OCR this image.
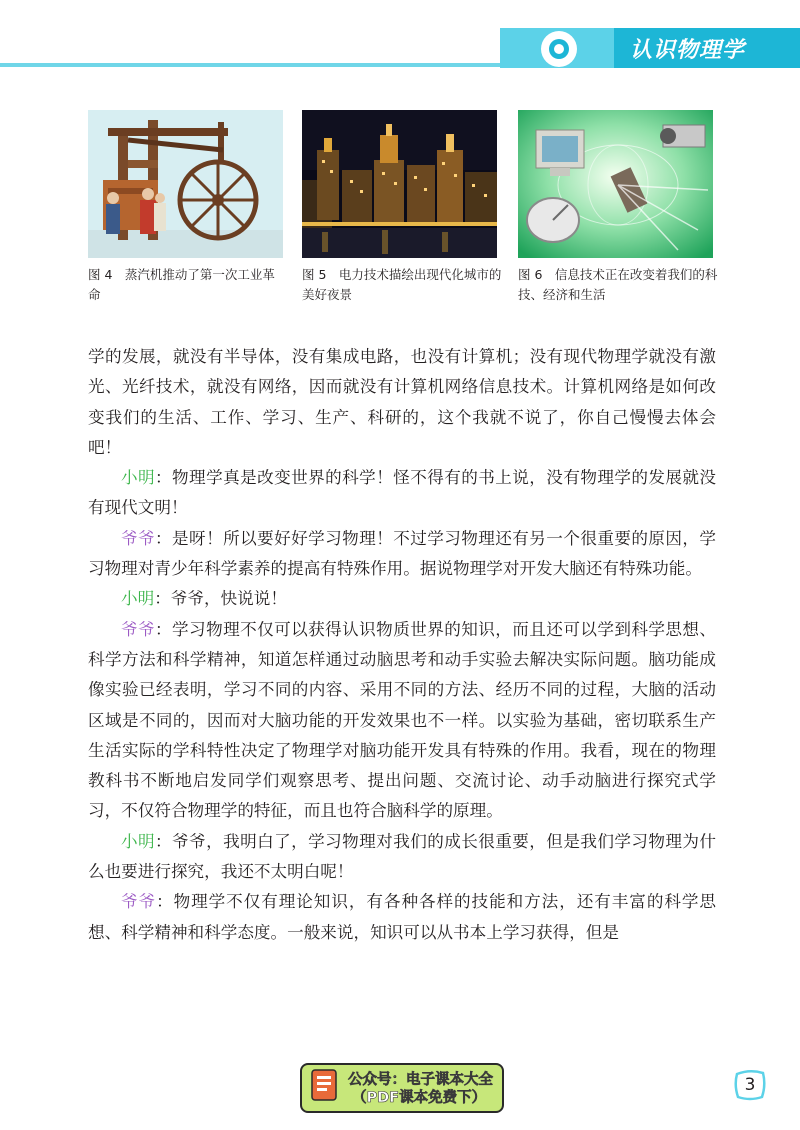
认识物理学
图 4　蒸汽机推动了第一次工业革命
图 5　电力技术描绘出现代化城市的美好夜景
图 6　信息技术正在改变着我们的科技、经济和生活

学的发展，就没有半导体，没有集成电路，也没有计算机；没有现代物理学就没有激光、光纤技术，就没有网络，因而就没有计算机网络信息技术。计算机网络是如何改变我们的生活、工作、学习、生产、科研的，这个我就不说了，你自己慢慢去体会吧！

小明：物理学真是改变世界的科学！怪不得有的书上说，没有物理学的发展就没有现代文明！

爷爷：是呀！所以要好好学习物理！不过学习物理还有另一个很重要的原因，学习物理对青少年科学素养的提高有特殊作用。据说物理学对开发大脑还有特殊功能。

小明：爷爷，快说说！

爷爷：学习物理不仅可以获得认识物质世界的知识，而且还可以学到科学思想、科学方法和科学精神，知道怎样通过动脑思考和动手实验去解决实际问题。脑功能成像实验已经表明，学习不同的内容、采用不同的方法、经历不同的过程，大脑的活动区域是不同的，因而对大脑功能的开发效果也不一样。以实验为基础，密切联系生产生活实际的学科特性决定了物理学对脑功能开发具有特殊的作用。我看，现在的物理教科书不断地启发同学们观察思考、提出问题、交流讨论、动手动脑进行探究式学习，不仅符合物理学的特征，而且也符合脑科学的原理。

小明：爷爷，我明白了，学习物理对我们的成长很重要，但是我们学习物理为什么也要进行探究，我还不太明白呢！

爷爷：物理学不仅有理论知识，有各种各样的技能和方法，还有丰富的科学思想、科学精神和科学态度。一般来说，知识可以从书本上学习获得，但是

公众号：电子课本大全
（PDF课本免费下）
3
